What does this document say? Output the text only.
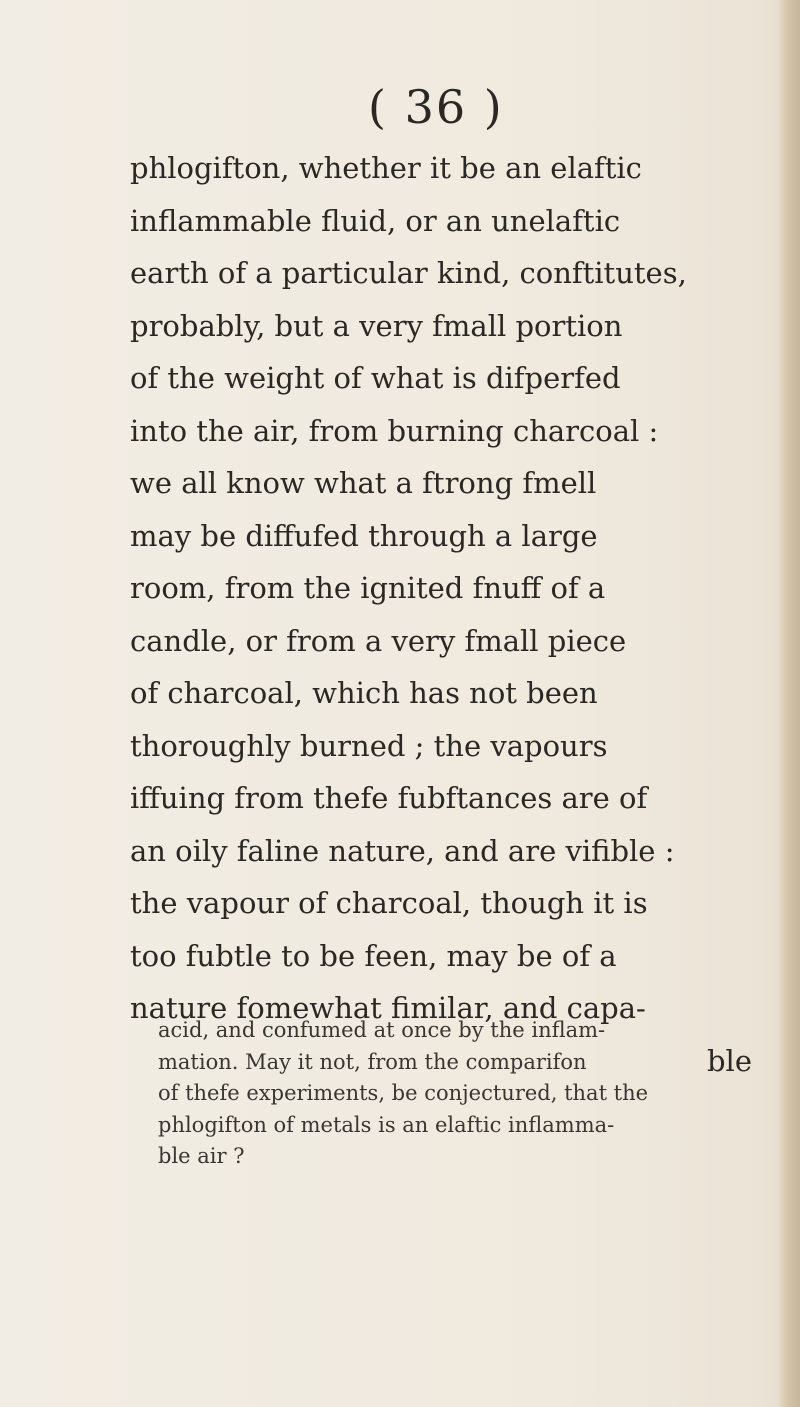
( 36 )
phlogifton, whether it be an elaftic
inflammable fluid, or an unelaftic
earth of a particular kind, conftitutes,
probably, but a very fmall portion
of the weight of what is difperfed
into the air, from burning charcoal :
we all know what a ftrong fmell
may be diffufed through a large
room, from the ignited fnuff of a
candle, or from a very fmall piece
of charcoal, which has not been
thoroughly burned ; the vapours
iffuing from thefe fubftances are of
an oily faline nature, and are vifible :
the vapour of charcoal, though it is
too fubtle to be feen, may be of a
nature fomewhat fimilar, and capa-
ble
acid, and confumed at once by the inflam-
mation. May it not, from the comparifon
of thefe experiments, be conjectured, that the
phlogifton of metals is an elaftic inflamma-
ble air ?
